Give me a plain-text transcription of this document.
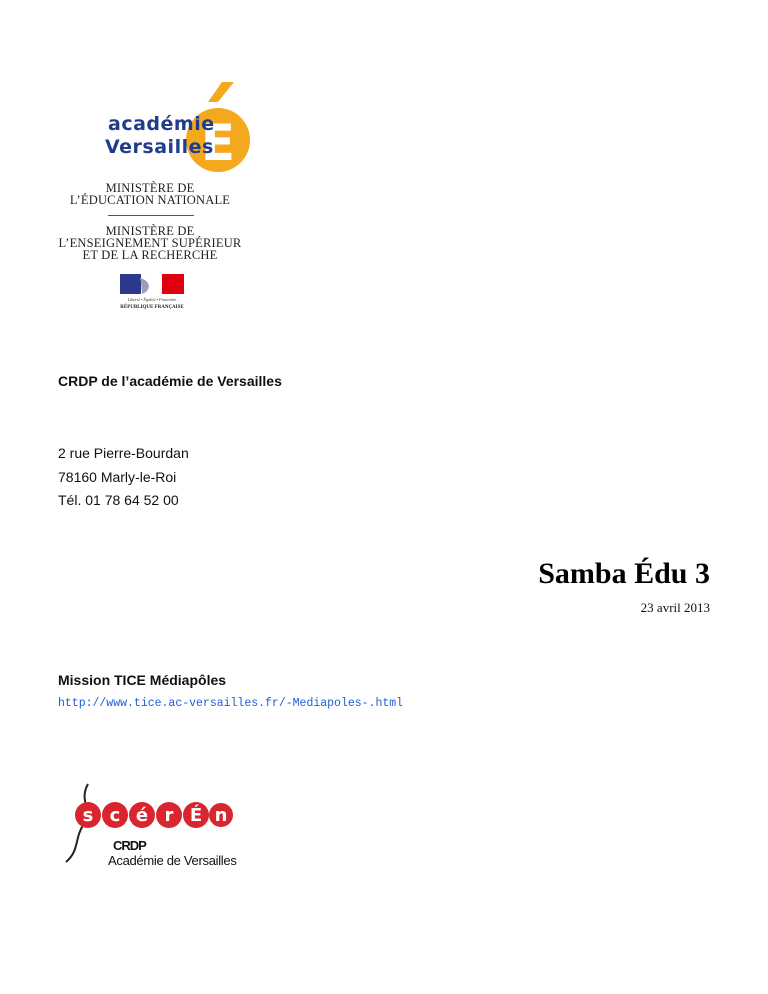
E
académie
Versailles
MINISTÈRE DE
L’ÉDUCATION NATIONALE
MINISTÈRE DE
L’ENSEIGNEMENT SUPÉRIEUR
ET DE LA RECHERCHE
Liberté • Égalité • Fraternité
RÉPUBLIQUE FRANÇAISE
CRDP de l’académie de Versailles
2 rue Pierre-Bourdan
78160 Marly-le-Roi
Tél. 01 78 64 52 00
Samba Édu 3
23 avril 2013
Mission TICE Médiapôles
http://www.tice.ac-versailles.fr/-Mediapoles-.html
s c é r É n
CRDP
Académie de Versailles
